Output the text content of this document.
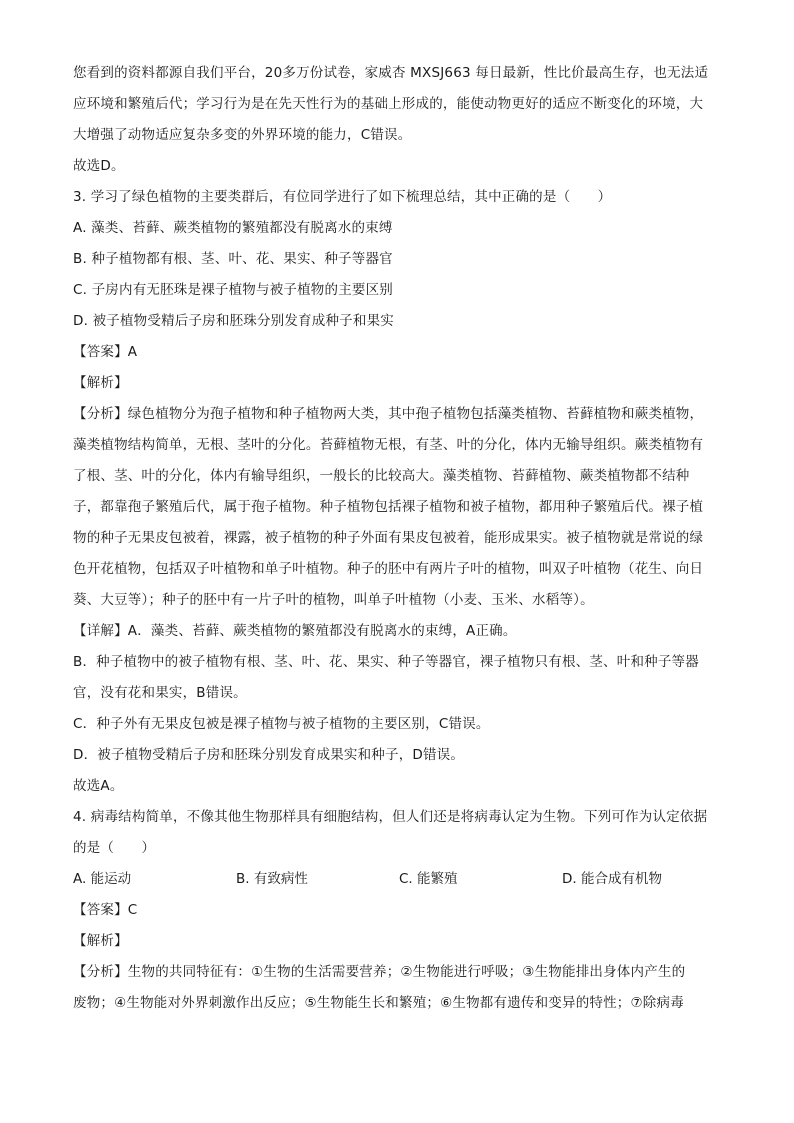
您看到的资料都源自我们平台，20多万份试卷，家威杏 MXSJ663 每日最新，性比价最高生存，也无法适
应环境和繁殖后代；学习行为是在先天性行为的基础上形成的，能使动物更好的适应不断变化的环境，大
大增强了动物适应复杂多变的外界环境的能力，C错误。
故选D。
3. 学习了绿色植物的主要类群后，有位同学进行了如下梳理总结，其中正确的是（　　）
A. 藻类、苔藓、蕨类植物的繁殖都没有脱离水的束缚
B. 种子植物都有根、茎、叶、花、果实、种子等器官
C. 子房内有无胚珠是裸子植物与被子植物的主要区别
D. 被子植物受精后子房和胚珠分别发育成种子和果实
【答案】A
【解析】
【分析】绿色植物分为孢子植物和种子植物两大类，其中孢子植物包括藻类植物、苔藓植物和蕨类植物，
藻类植物结构简单，无根、茎叶的分化。苔藓植物无根，有茎、叶的分化，体内无输导组织。蕨类植物有
了根、茎、叶的分化，体内有输导组织，一般长的比较高大。藻类植物、苔藓植物、蕨类植物都不结种
子，都靠孢子繁殖后代，属于孢子植物。种子植物包括裸子植物和被子植物，都用种子繁殖后代。裸子植
物的种子无果皮包被着，裸露，被子植物的种子外面有果皮包被着，能形成果实。被子植物就是常说的绿
色开花植物，包括双子叶植物和单子叶植物。种子的胚中有两片子叶的植物，叫双子叶植物（花生、向日
葵、大豆等）；种子的胚中有一片子叶的植物，叫单子叶植物（小麦、玉米、水稻等）。
【详解】A．藻类、苔藓、蕨类植物的繁殖都没有脱离水的束缚，A正确。
B．种子植物中的被子植物有根、茎、叶、花、果实、种子等器官，裸子植物只有根、茎、叶和种子等器
官，没有花和果实，B错误。
C．种子外有无果皮包被是裸子植物与被子植物的主要区别，C错误。
D．被子植物受精后子房和胚珠分别发育成果实和种子，D错误。
故选A。
4. 病毒结构简单，不像其他生物那样具有细胞结构，但人们还是将病毒认定为生物。下列可作为认定依据
的是（　　）
A. 能运动	B. 有致病性	C. 能繁殖	D. 能合成有机物
【答案】C
【解析】
【分析】生物的共同特征有：①生物的生活需要营养；②生物能进行呼吸；③生物能排出身体内产生的
废物；④生物能对外界刺激作出反应；⑤生物能生长和繁殖；⑥生物都有遗传和变异的特性；⑦除病毒
